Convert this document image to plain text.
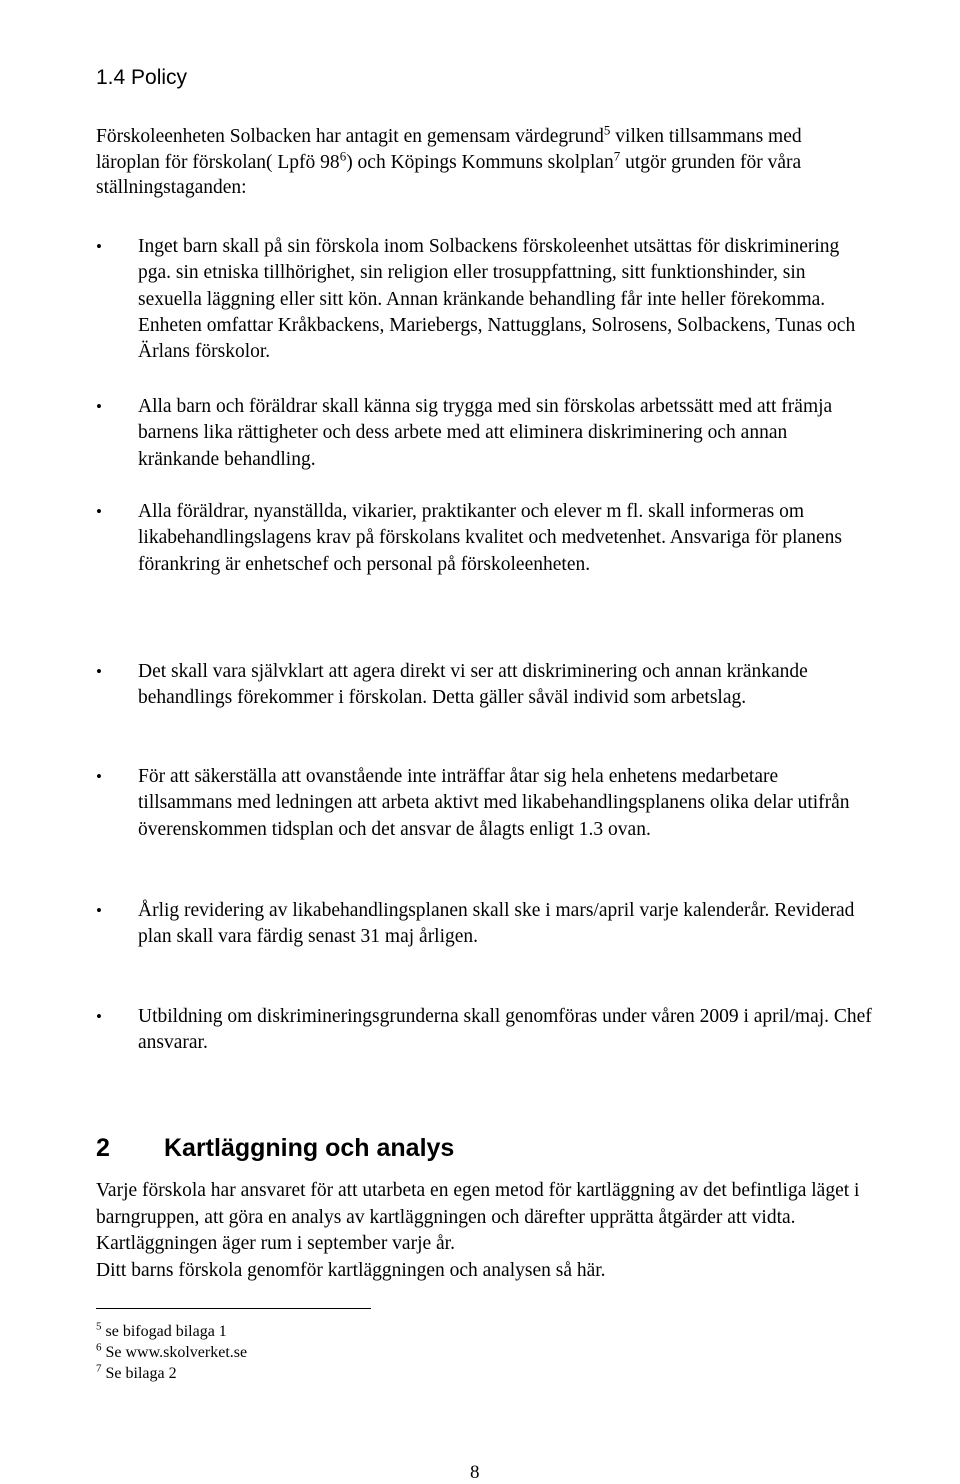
1.4 Policy
Förskoleenheten Solbacken har antagit en gemensam värdegrund$^5$ vilken tillsammans med läroplan för förskolan( Lpfö $98^6$) och Köpings Kommuns skolplan$^7$ utgör grunden för våra ställningstaganden:
•	Inget barn skall på sin förskola inom Solbackens förskoleenhet utsättas för diskriminering pga. sin etniska tillhörighet, sin religion eller trosuppfattning, sitt funktionshinder, sin sexuella läggning eller sitt kön. Annan kränkande behandling får inte heller förekomma. Enheten omfattar Kråkbackens, Mariebergs, Nattugglans, Solrosens, Solbackens, Tunas och Ärlans förskolor.
•	Alla barn och föräldrar skall känna sig trygga med sin förskolas arbetssätt med att främja barnens lika rättigheter och dess arbete med att eliminera diskriminering och annan kränkande behandling.
•	Alla föräldrar, nyanställda, vikarier, praktikanter och elever m fl. skall informeras om likabehandlingslagens krav på förskolans kvalitet och medvetenhet. Ansvariga för planens förankring är enhetschef och personal på förskoleenheten.
•	Det skall vara självklart att agera direkt vi ser att diskriminering och annan kränkande behandlings förekommer i förskolan. Detta gäller såväl individ som arbetslag.
•	För att säkerställa att ovanstående inte inträffar åtar sig hela enhetens medarbetare tillsammans med ledningen att arbeta aktivt med likabehandlingsplanens olika delar utifrån överenskommen tidsplan och det ansvar de ålagts enligt 1.3 ovan.
•	Årlig revidering av likabehandlingsplanen skall ske i mars/april varje kalenderår. Reviderad plan skall vara färdig senast 31 maj årligen.
•	Utbildning om diskrimineringsgrunderna skall genomföras under våren 2009 i april/maj. Chef ansvarar.
2 Kartläggning och analys
Varje förskola har ansvaret för att utarbeta en egen metod för kartläggning av det befintliga läget i barngruppen, att göra en analys av kartläggningen och därefter upprätta åtgärder att vidta. Kartläggningen äger rum i september varje år.
Ditt barns förskola genomför kartläggningen och analysen så här.
$^5$ se bifogad bilaga 1
$^6$ Se www.skolverket.se
$^7$ Se bilaga 2
8
